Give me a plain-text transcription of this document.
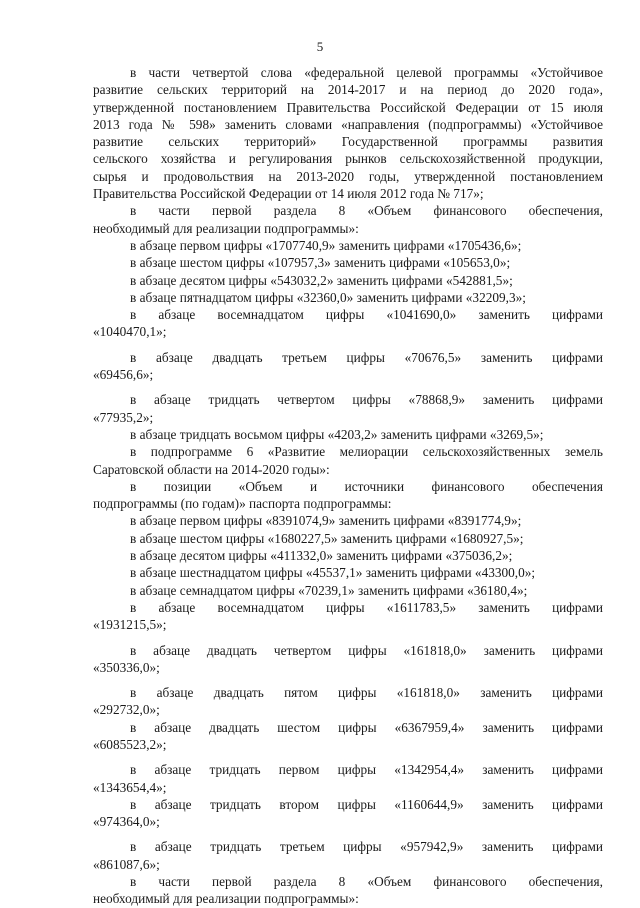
5
в части четвертой слова «федеральной целевой программы «Устойчивое
развитие сельских территорий на 2014-2017 и на период до 2020 года»,
утвержденной постановлением Правительства Российской Федерации от 15 июля
2013 года № 598» заменить словами «направления (подпрограммы) «Устойчивое
развитие сельских территорий» Государственной программы развития
сельского хозяйства и регулирования рынков сельскохозяйственной продукции,
сырья и продовольствия на 2013-2020 годы, утвержденной постановлением
Правительства Российской Федерации от 14 июля 2012 года № 717»;
в части первой раздела 8 «Объем финансового обеспечения,
необходимый для реализации подпрограммы»:
в абзаце первом цифры «1707740,9» заменить цифрами «1705436,6»;
в абзаце шестом цифры «107957,3» заменить цифрами «105653,0»;
в абзаце десятом цифры «543032,2» заменить цифрами «542881,5»;
в абзаце пятнадцатом цифры «32360,0» заменить цифрами «32209,3»;
в абзаце восемнадцатом цифры «1041690,0» заменить цифрами
«1040470,1»;
в абзаце двадцать третьем цифры «70676,5» заменить цифрами
«69456,6»;
в абзаце тридцать четвертом цифры «78868,9» заменить цифрами
«77935,2»;
в абзаце тридцать восьмом цифры «4203,2» заменить цифрами «3269,5»;
в подпрограмме 6 «Развитие мелиорации сельскохозяйственных земель
Саратовской области на 2014-2020 годы»:
в позиции «Объем и источники финансового обеспечения
подпрограммы (по годам)» паспорта подпрограммы:
в абзаце первом цифры «8391074,9» заменить цифрами «8391774,9»;
в абзаце шестом цифры «1680227,5» заменить цифрами «1680927,5»;
в абзаце десятом цифры «411332,0» заменить цифрами «375036,2»;
в абзаце шестнадцатом цифры «45537,1» заменить цифрами «43300,0»;
в абзаце семнадцатом цифры «70239,1» заменить цифрами «36180,4»;
в абзаце восемнадцатом цифры «1611783,5» заменить цифрами
«1931215,5»;
в абзаце двадцать четвертом цифры «161818,0» заменить цифрами
«350336,0»;
в абзаце двадцать пятом цифры «161818,0» заменить цифрами
«292732,0»;
в абзаце двадцать шестом цифры «6367959,4» заменить цифрами
«6085523,2»;
в абзаце тридцать первом цифры «1342954,4» заменить цифрами
«1343654,4»;
в абзаце тридцать втором цифры «1160644,9» заменить цифрами
«974364,0»;
в абзаце тридцать третьем цифры «957942,9» заменить цифрами
«861087,6»;
в части первой раздела 8 «Объем финансового обеспечения,
необходимый для реализации подпрограммы»:
